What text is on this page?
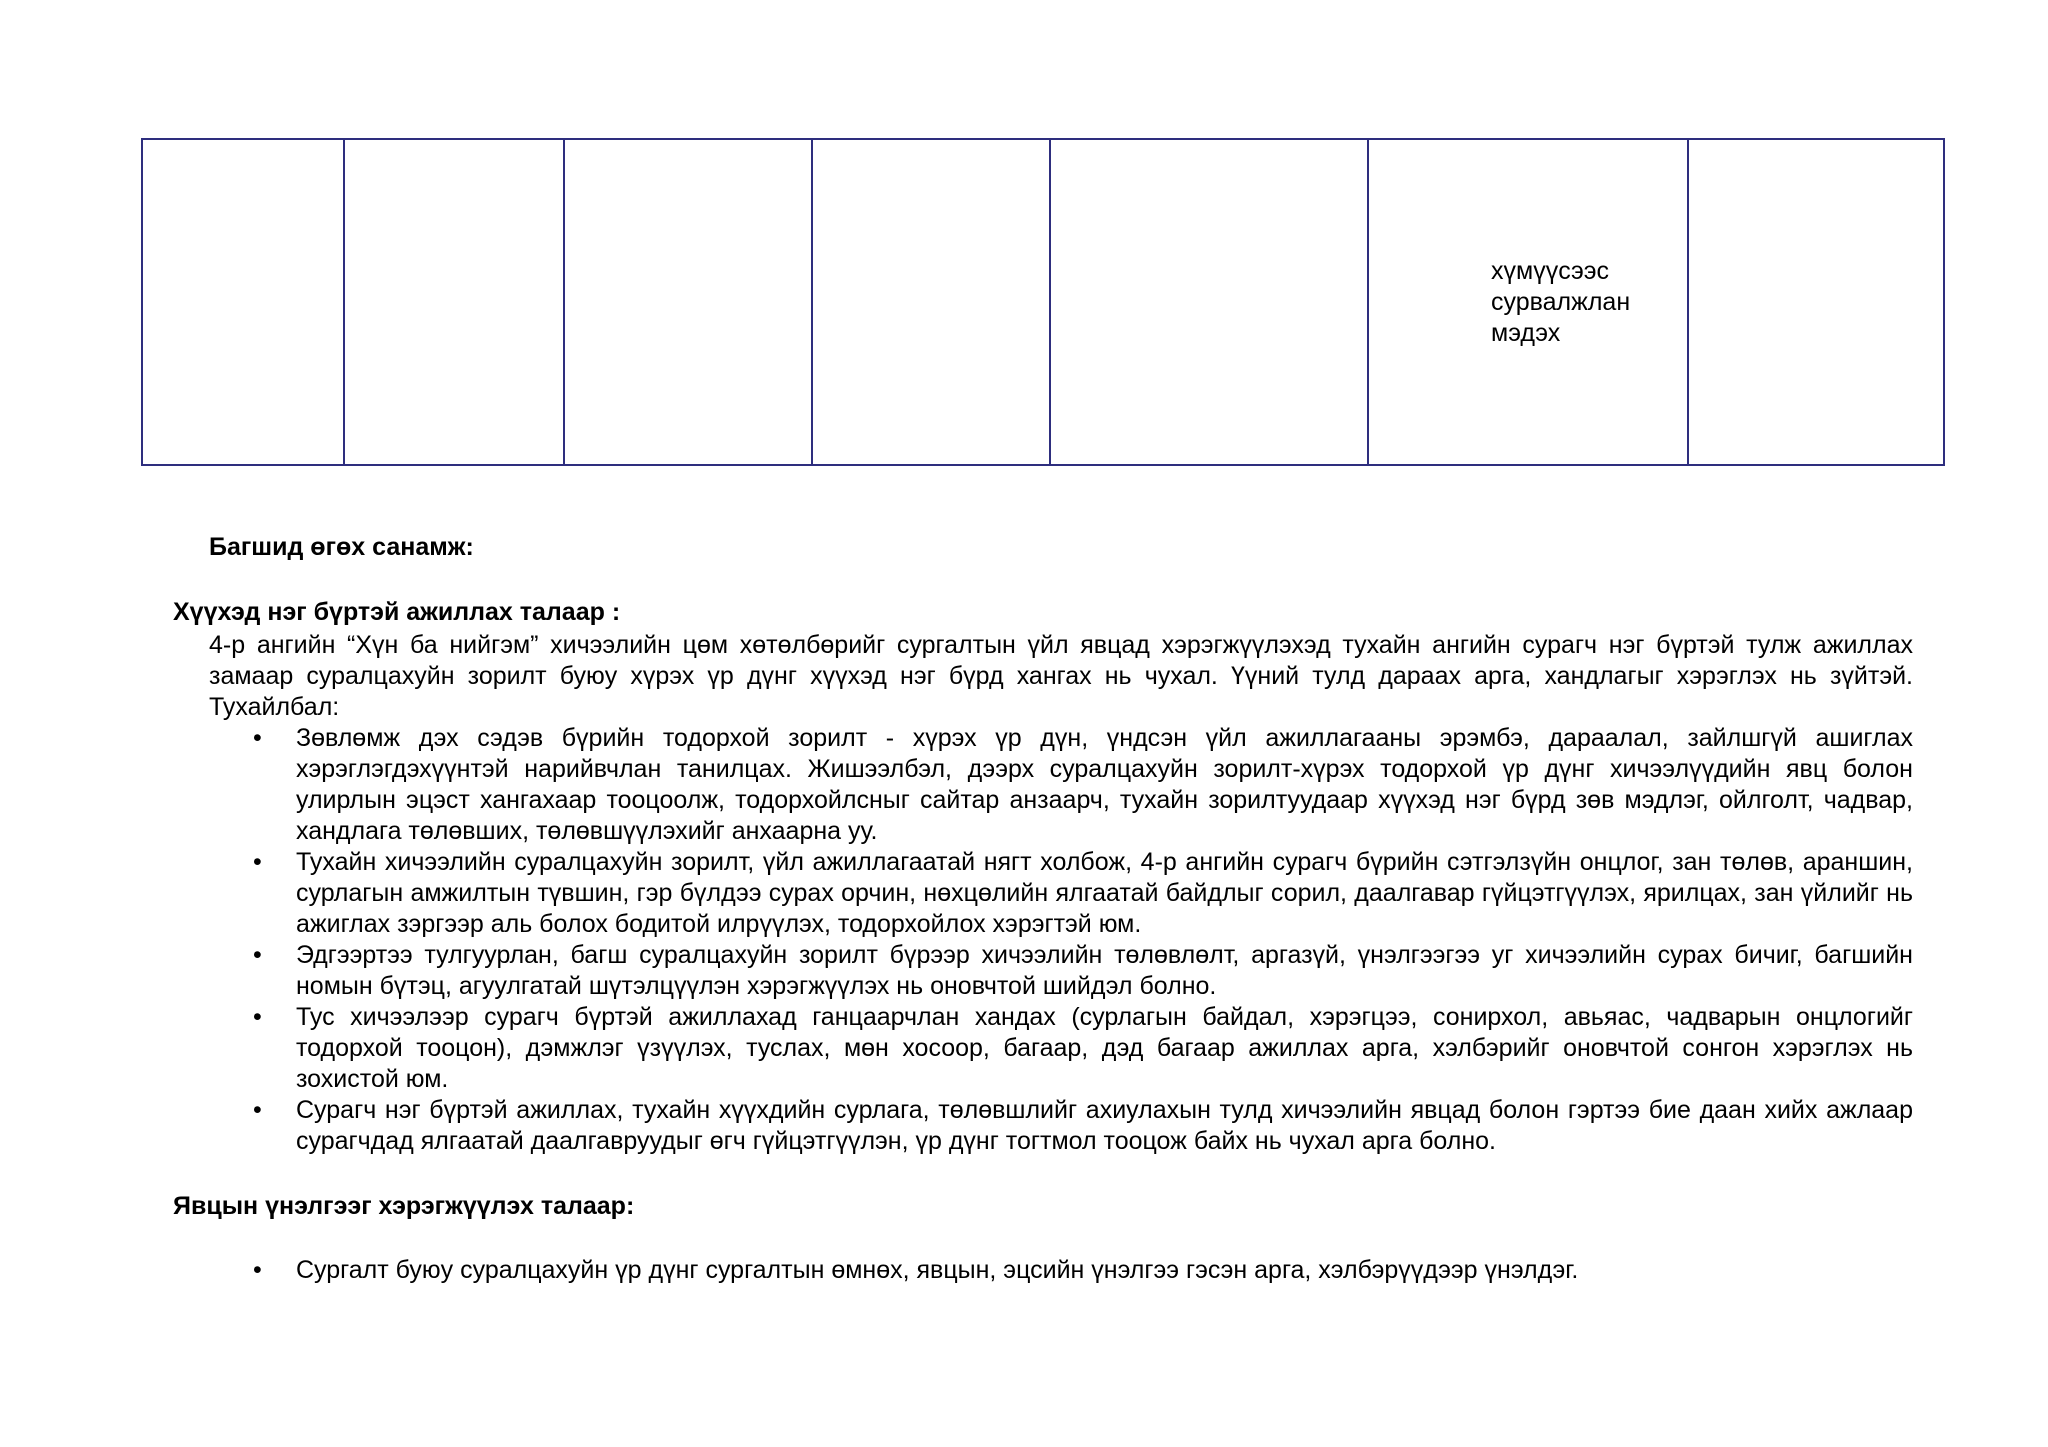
хүмүүсээс
сурвалжлан
мэдэх
Багшид өгөх санамж:
Хүүхэд нэг бүртэй ажиллах талаар :
4-р ангийн “Хүн ба нийгэм” хичээлийн цөм хөтөлбөрийг сургалтын үйл явцад хэрэгжүүлэхэд тухайн ангийн сурагч нэг бүртэй тулж ажиллах замаар суралцахуйн зорилт буюу хүрэх үр дүнг хүүхэд нэг бүрд хангах нь чухал. Үүний тулд дараах арга, хандлагыг хэрэглэх нь зүйтэй. Тухайлбал:
• Зөвлөмж дэх сэдэв бүрийн тодорхой зорилт - хүрэх үр дүн, үндсэн үйл ажиллагааны эрэмбэ, дараалал, зайлшгүй ашиглах хэрэглэгдэхүүнтэй нарийвчлан танилцах. Жишээлбэл, дээрх суралцахуйн зорилт-хүрэх тодорхой үр дүнг хичээлүүдийн явц болон улирлын эцэст хангахаар тооцоолж, тодорхойлсныг сайтар анзаарч, тухайн зорилтуудаар хүүхэд нэг бүрд зөв мэдлэг, ойлголт, чадвар, хандлага төлөвших, төлөвшүүлэхийг анхаарна уу.
• Тухайн хичээлийн суралцахуйн зорилт, үйл ажиллагаатай нягт холбож, 4-р ангийн сурагч бүрийн сэтгэлзүйн онцлог, зан төлөв, араншин, сурлагын амжилтын түвшин, гэр бүлдээ сурах орчин, нөхцөлийн ялгаатай байдлыг сорил, даалгавар гүйцэтгүүлэх, ярилцах, зан үйлийг нь ажиглах зэргээр аль болох бодитой илрүүлэх, тодорхойлох хэрэгтэй юм.
• Эдгээртээ тулгуурлан, багш суралцахуйн зорилт бүрээр хичээлийн төлөвлөлт, аргазүй, үнэлгээгээ уг хичээлийн сурах бичиг, багшийн номын бүтэц, агуулгатай шүтэлцүүлэн хэрэгжүүлэх нь оновчтой шийдэл болно.
• Тус хичээлээр сурагч бүртэй ажиллахад ганцаарчлан хандах (сурлагын байдал, хэрэгцээ, сонирхол, авьяас, чадварын онцлогийг тодорхой тооцон), дэмжлэг үзүүлэх, туслах, мөн хосоор, багаар, дэд багаар ажиллах арга, хэлбэрийг оновчтой сонгон хэрэглэх нь зохистой юм.
• Сурагч нэг бүртэй ажиллах, тухайн хүүхдийн сурлага, төлөвшлийг ахиулахын тулд хичээлийн явцад болон гэртээ бие даан хийх ажлаар сурагчдад ялгаатай даалгавруудыг өгч гүйцэтгүүлэн, үр дүнг тогтмол тооцож байх нь чухал арга болно.
Явцын үнэлгээг хэрэгжүүлэх талаар:
• Сургалт буюу суралцахуйн үр дүнг сургалтын өмнөх, явцын, эцсийн үнэлгээ гэсэн арга, хэлбэрүүдээр үнэлдэг.
